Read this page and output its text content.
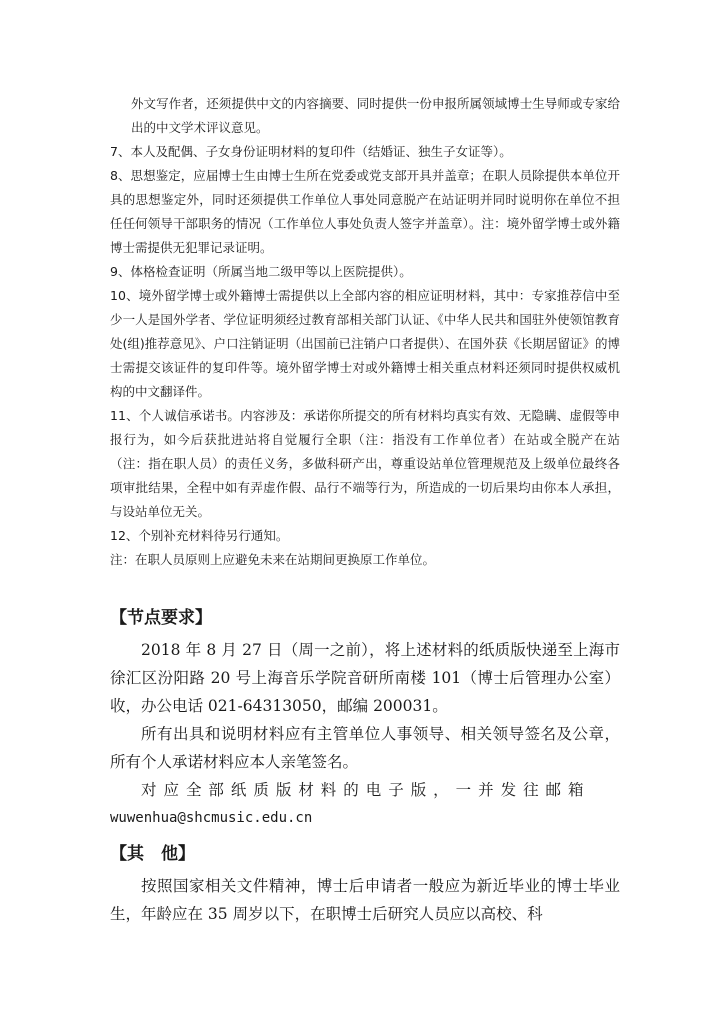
外文写作者，还须提供中文的内容摘要、同时提供一份申报所属领域博士生导师或专家给出的中文学术评议意见。

7、本人及配偶、子女身份证明材料的复印件（结婚证、独生子女证等）。

8、思想鉴定，应届博士生由博士生所在党委或党支部开具并盖章；在职人员除提供本单位开具的思想鉴定外，同时还须提供工作单位人事处同意脱产在站证明并同时说明你在单位不担任任何领导干部职务的情况（工作单位人事处负责人签字并盖章）。注：境外留学博士或外籍博士需提供无犯罪记录证明。

9、体格检查证明（所属当地二级甲等以上医院提供）。

10、境外留学博士或外籍博士需提供以上全部内容的相应证明材料，其中：专家推荐信中至少一人是国外学者、学位证明须经过教育部相关部门认证、《中华人民共和国驻外使领馆教育处(组)推荐意见》、户口注销证明（出国前已注销户口者提供）、在国外获《长期居留证》的博士需提交该证件的复印件等。境外留学博士对或外籍博士相关重点材料还须同时提供权威机构的中文翻译件。

11、个人诚信承诺书。内容涉及：承诺你所提交的所有材料均真实有效、无隐瞒、虚假等申报行为，如今后获批进站将自觉履行全职（注：指没有工作单位者）在站或全脱产在站（注：指在职人员）的责任义务，多做科研产出，尊重设站单位管理规范及上级单位最终各项审批结果，全程中如有弄虚作假、品行不端等行为，所造成的一切后果均由你本人承担，与设站单位无关。

12、个别补充材料待另行通知。

注：在职人员原则上应避免未来在站期间更换原工作单位。

【节点要求】

2018 年 8 月 27 日（周一之前），将上述材料的纸质版快递至上海市徐汇区汾阳路 20 号上海音乐学院音研所南楼 101（博士后管理办公室）收，办公电话 021-64313050，邮编 200031。

所有出具和说明材料应有主管单位人事领导、相关领导签名及公章，所有个人承诺材料应本人亲笔签名。

对应全部纸质版材料的电子版，一并发往邮箱

wuwenhua@shcmusic.edu.cn

【其　他】

按照国家相关文件精神，博士后申请者一般应为新近毕业的博士毕业生，年龄应在 35 周岁以下，在职博士后研究人员应以高校、科
